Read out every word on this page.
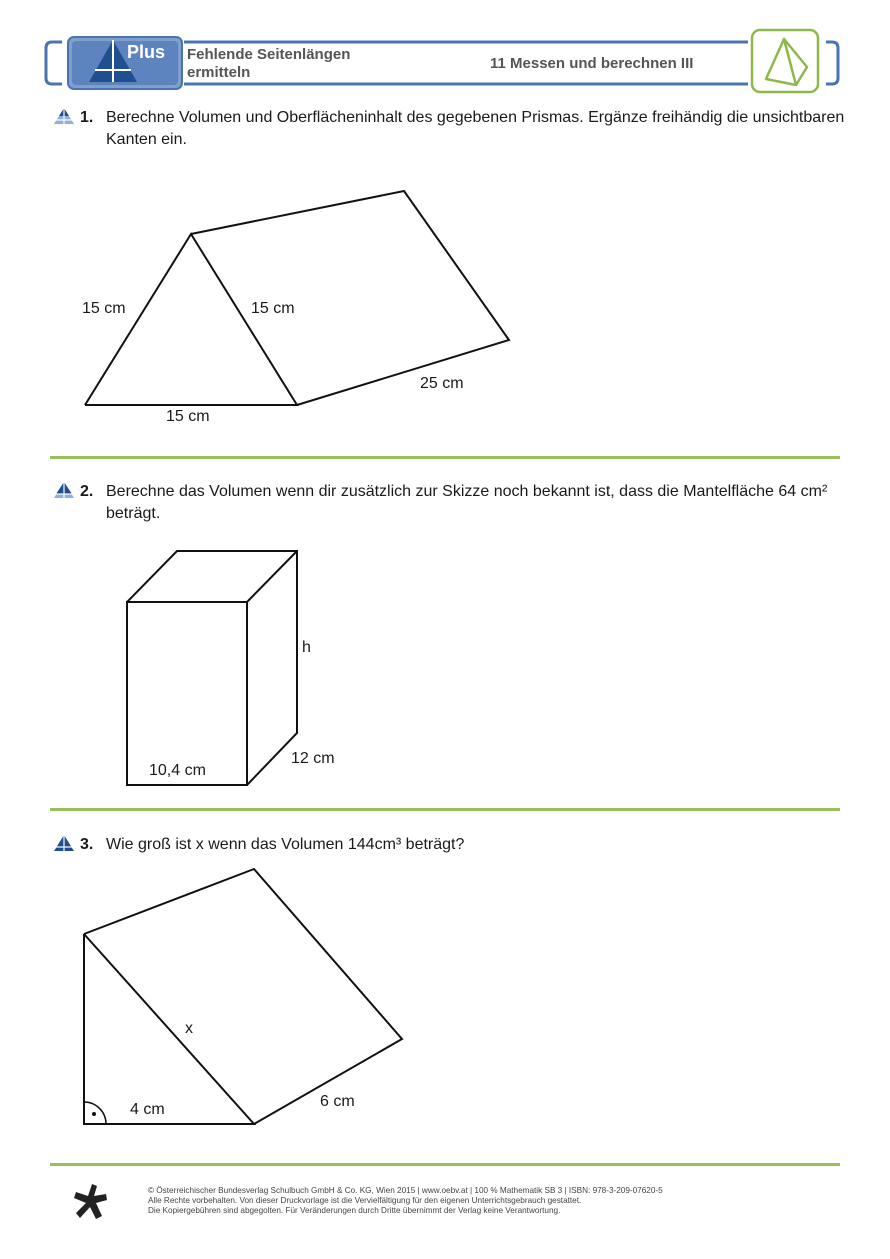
Plus Fehlende Seitenlängen ermitteln
11 Messen und berechnen III
1. Berechne Volumen und Oberflächeninhalt des gegebenen Prismas. Ergänze freihändig die unsichtbaren Kanten ein.
15 cm	15 cm
15 cm
25 cm
2. Berechne das Volumen wenn dir zusätzlich zur Skizze noch bekannt ist, dass die Mantelfläche 64 cm² beträgt.
h
10,4 cm
12 cm
3. Wie groß ist x wenn das Volumen 144cm³ beträgt?
x
4 cm	6 cm
© Österreichischer Bundesverlag Schulbuch GmbH & Co. KG, Wien 2015 | www.oebv.at | 100 % Mathematik SB 3 | ISBN: 978-3-209-07620-5
Alle Rechte vorbehalten. Von dieser Druckvorlage ist die Vervielfältigung für den eigenen Unterrichtsgebrauch gestattet.
Die Kopiergebühren sind abgegolten. Für Veränderungen durch Dritte übernimmt der Verlag keine Verantwortung.
